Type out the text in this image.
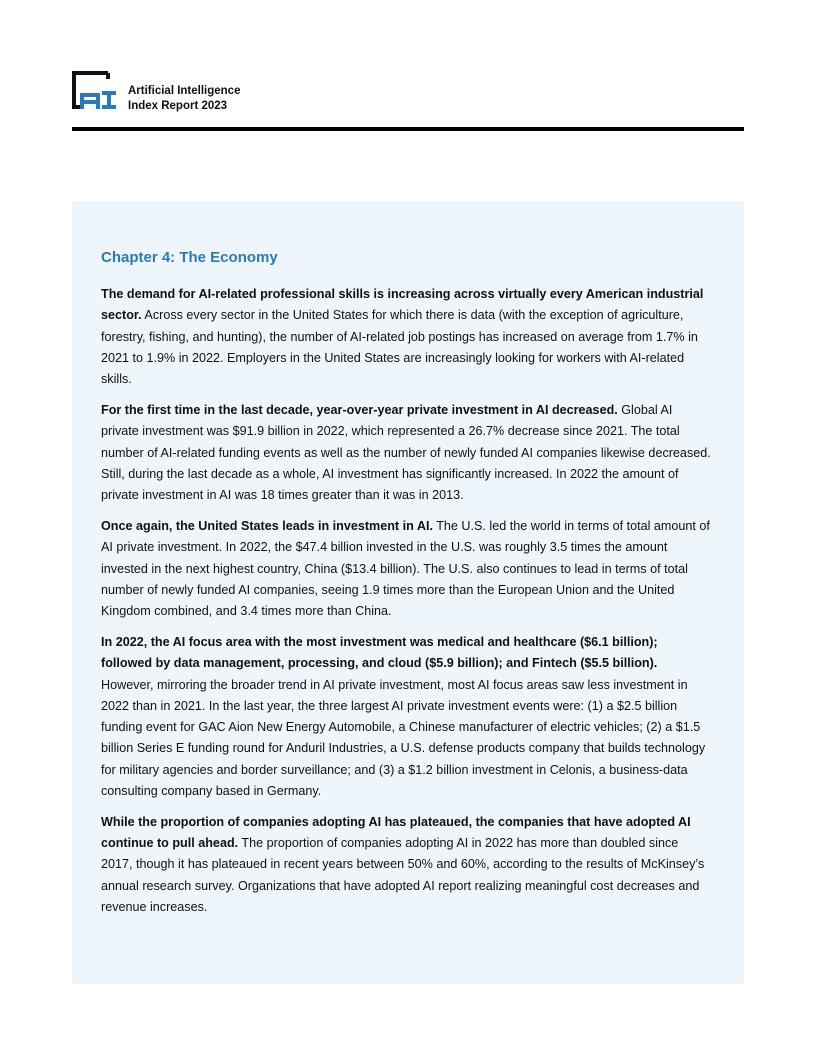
AI
Artificial Intelligence
Index Report 2023
Chapter 4: The Economy

The demand for AI-related professional skills is increasing across virtually every American industrial sector. Across every sector in the United States for which there is data (with the exception of agriculture, forestry, fishing, and hunting), the number of AI-related job postings has increased on average from 1.7% in 2021 to 1.9% in 2022. Employers in the United States are increasingly looking for workers with AI-related skills.

For the first time in the last decade, year-over-year private investment in AI decreased. Global AI private investment was $91.9 billion in 2022, which represented a 26.7% decrease since 2021. The total number of AI-related funding events as well as the number of newly funded AI companies likewise decreased. Still, during the last decade as a whole, AI investment has significantly increased. In 2022 the amount of private investment in AI was 18 times greater than it was in 2013.

Once again, the United States leads in investment in AI. The U.S. led the world in terms of total amount of AI private investment. In 2022, the $47.4 billion invested in the U.S. was roughly 3.5 times the amount invested in the next highest country, China ($13.4 billion). The U.S. also continues to lead in terms of total number of newly funded AI companies, seeing 1.9 times more than the European Union and the United Kingdom combined, and 3.4 times more than China.

In 2022, the AI focus area with the most investment was medical and healthcare ($6.1 billion); followed by data management, processing, and cloud ($5.9 billion); and Fintech ($5.5 billion). However, mirroring the broader trend in AI private investment, most AI focus areas saw less investment in 2022 than in 2021. In the last year, the three largest AI private investment events were: (1) a $2.5 billion funding event for GAC Aion New Energy Automobile, a Chinese manufacturer of electric vehicles; (2) a $1.5 billion Series E funding round for Anduril Industries, a U.S. defense products company that builds technology for military agencies and border surveillance; and (3) a $1.2 billion investment in Celonis, a business-data consulting company based in Germany.

While the proportion of companies adopting AI has plateaued, the companies that have adopted AI continue to pull ahead. The proportion of companies adopting AI in 2022 has more than doubled since 2017, though it has plateaued in recent years between 50% and 60%, according to the results of McKinsey’s annual research survey. Organizations that have adopted AI report realizing meaningful cost decreases and revenue increases.
